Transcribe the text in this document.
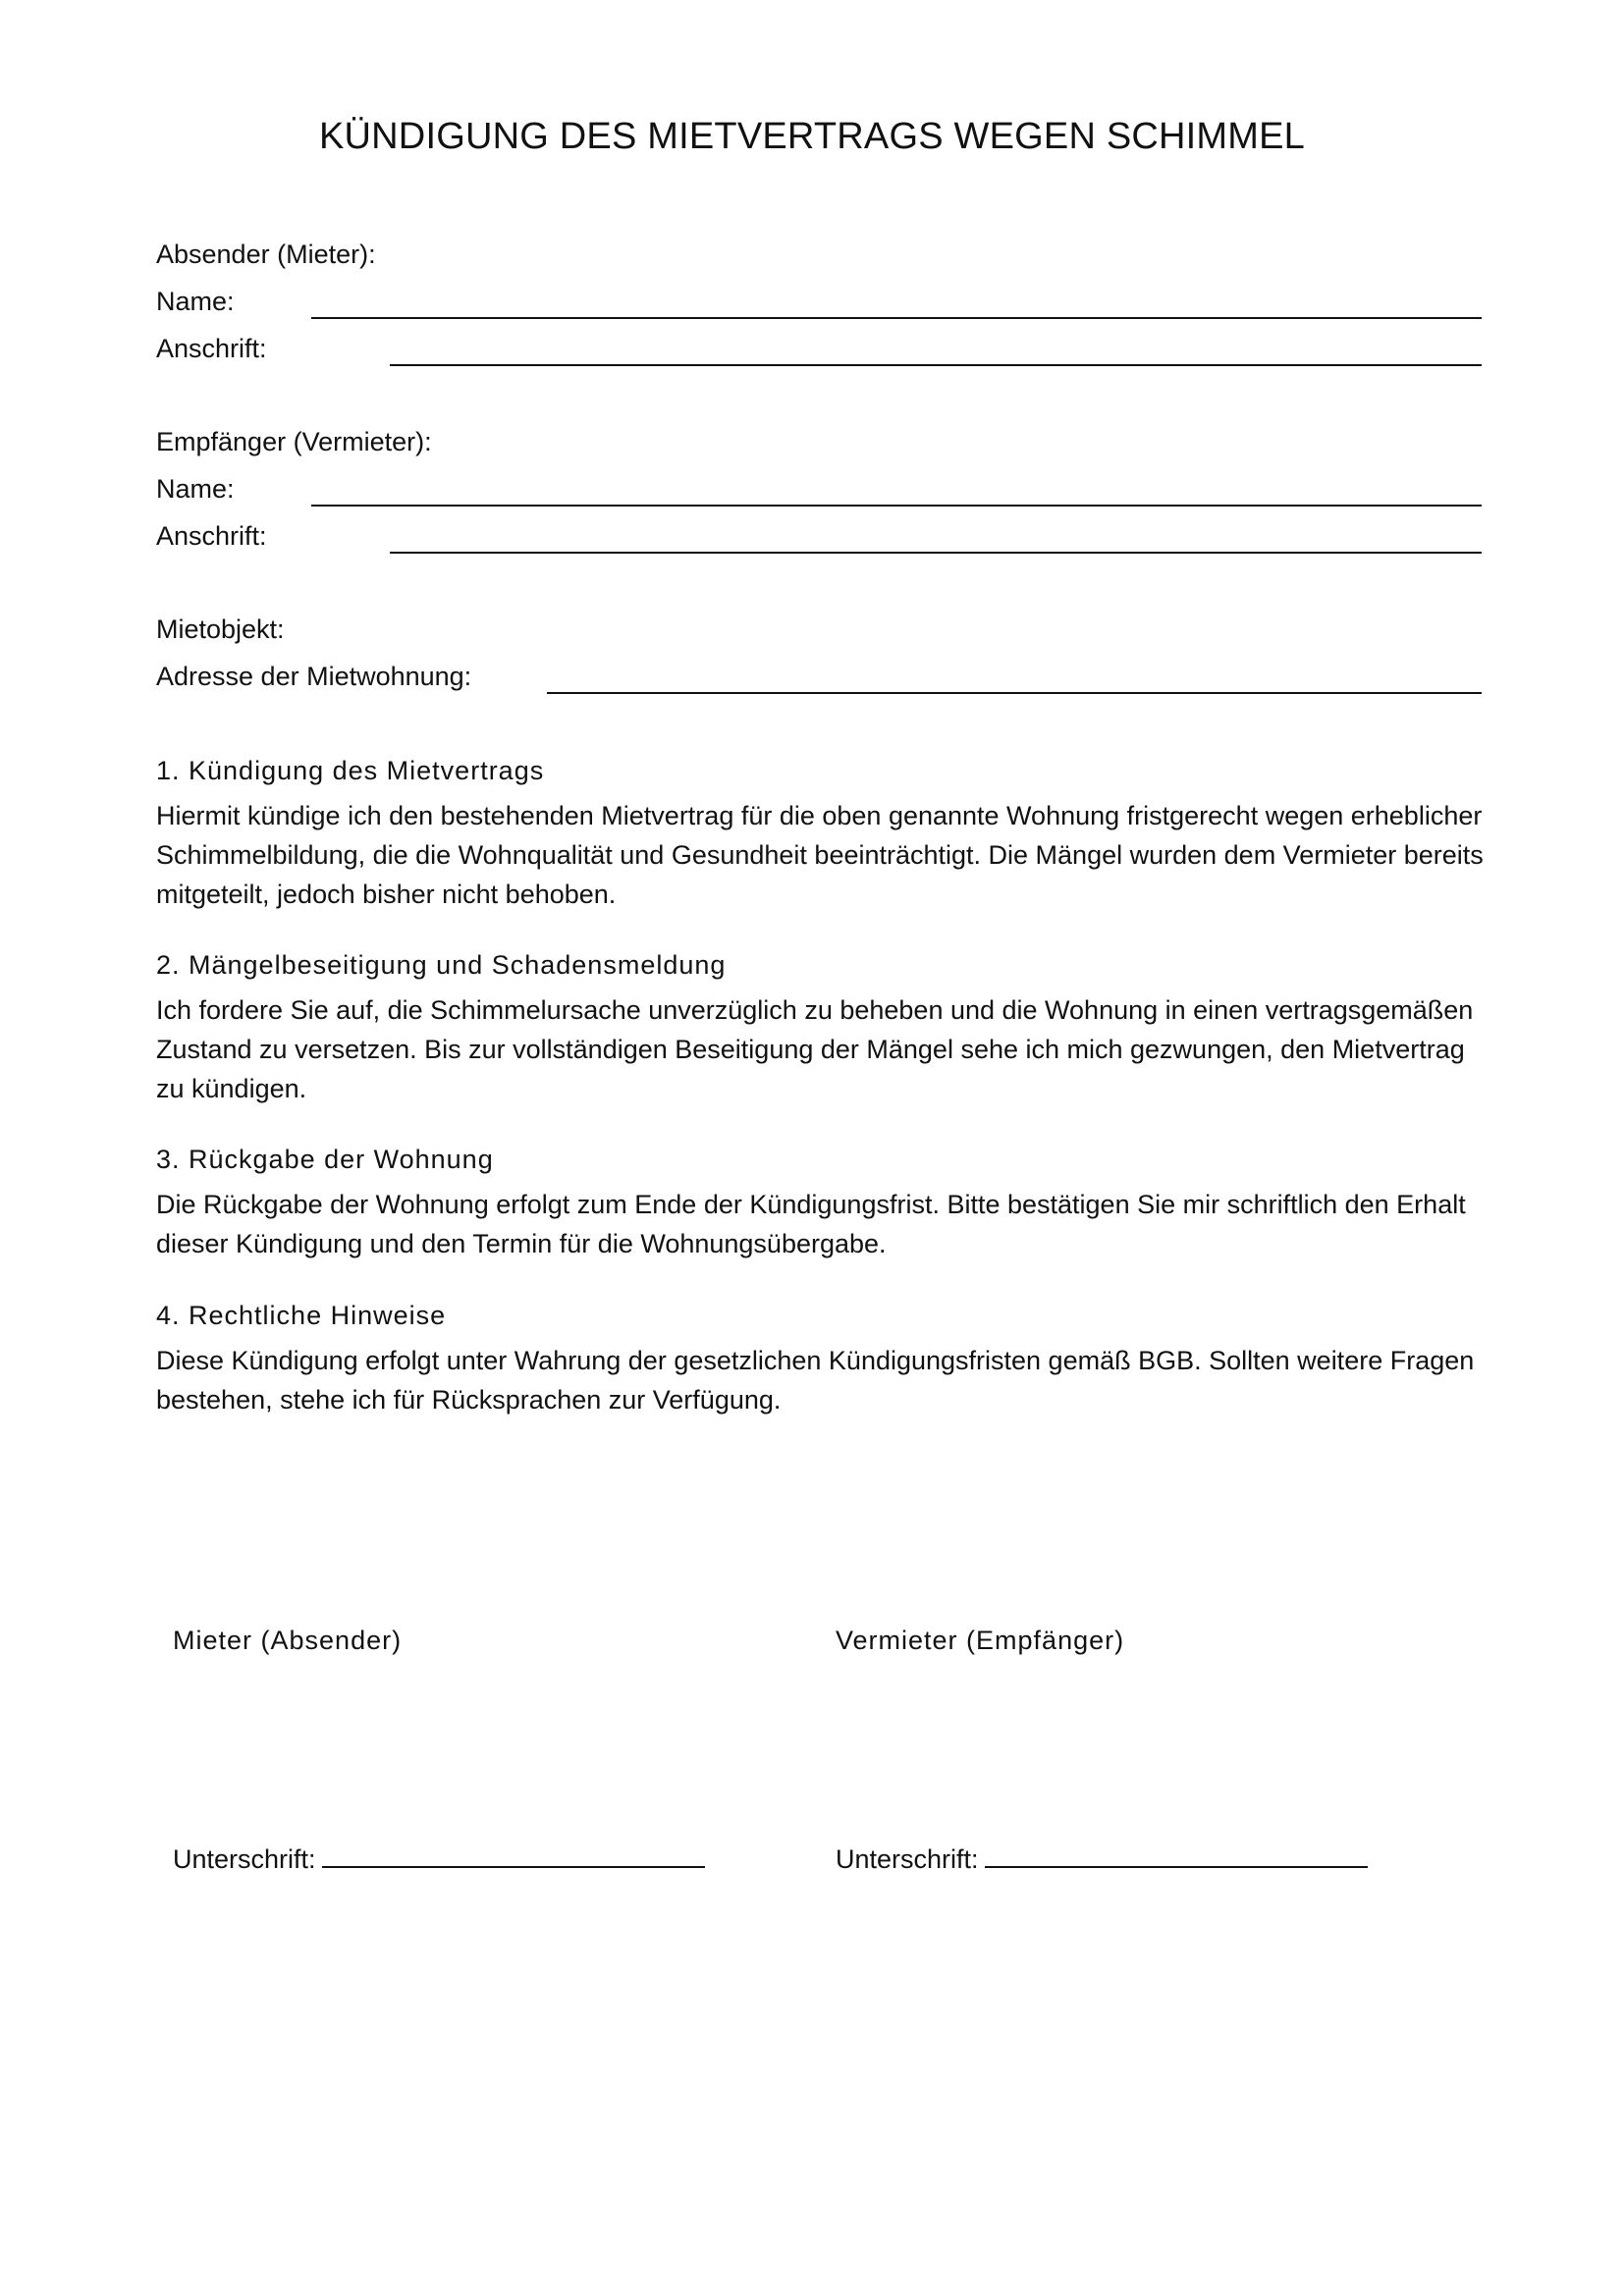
KÜNDIGUNG DES MIETVERTRAGS WEGEN SCHIMMEL
Absender (Mieter):
Name:
Anschrift:
Empfänger (Vermieter):
Name:
Anschrift:
Mietobjekt:
Adresse der Mietwohnung:
1. Kündigung des Mietvertrags
Hiermit kündige ich den bestehenden Mietvertrag für die oben genannte Wohnung fristgerecht wegen erheblicher Schimmelbildung, die die Wohnqualität und Gesundheit beeinträchtigt. Die Mängel wurden dem Vermieter bereits mitgeteilt, jedoch bisher nicht behoben.
2. Mängelbeseitigung und Schadensmeldung
Ich fordere Sie auf, die Schimmelursache unverzüglich zu beheben und die Wohnung in einen vertragsgemäßen Zustand zu versetzen. Bis zur vollständigen Beseitigung der Mängel sehe ich mich gezwungen, den Mietvertrag zu kündigen.
3. Rückgabe der Wohnung
Die Rückgabe der Wohnung erfolgt zum Ende der Kündigungsfrist. Bitte bestätigen Sie mir schriftlich den Erhalt dieser Kündigung und den Termin für die Wohnungsübergabe.
4. Rechtliche Hinweise
Diese Kündigung erfolgt unter Wahrung der gesetzlichen Kündigungsfristen gemäß BGB. Sollten weitere Fragen bestehen, stehe ich für Rücksprachen zur Verfügung.
Mieter (Absender)	Vermieter (Empfänger)
Unterschrift:	Unterschrift:
